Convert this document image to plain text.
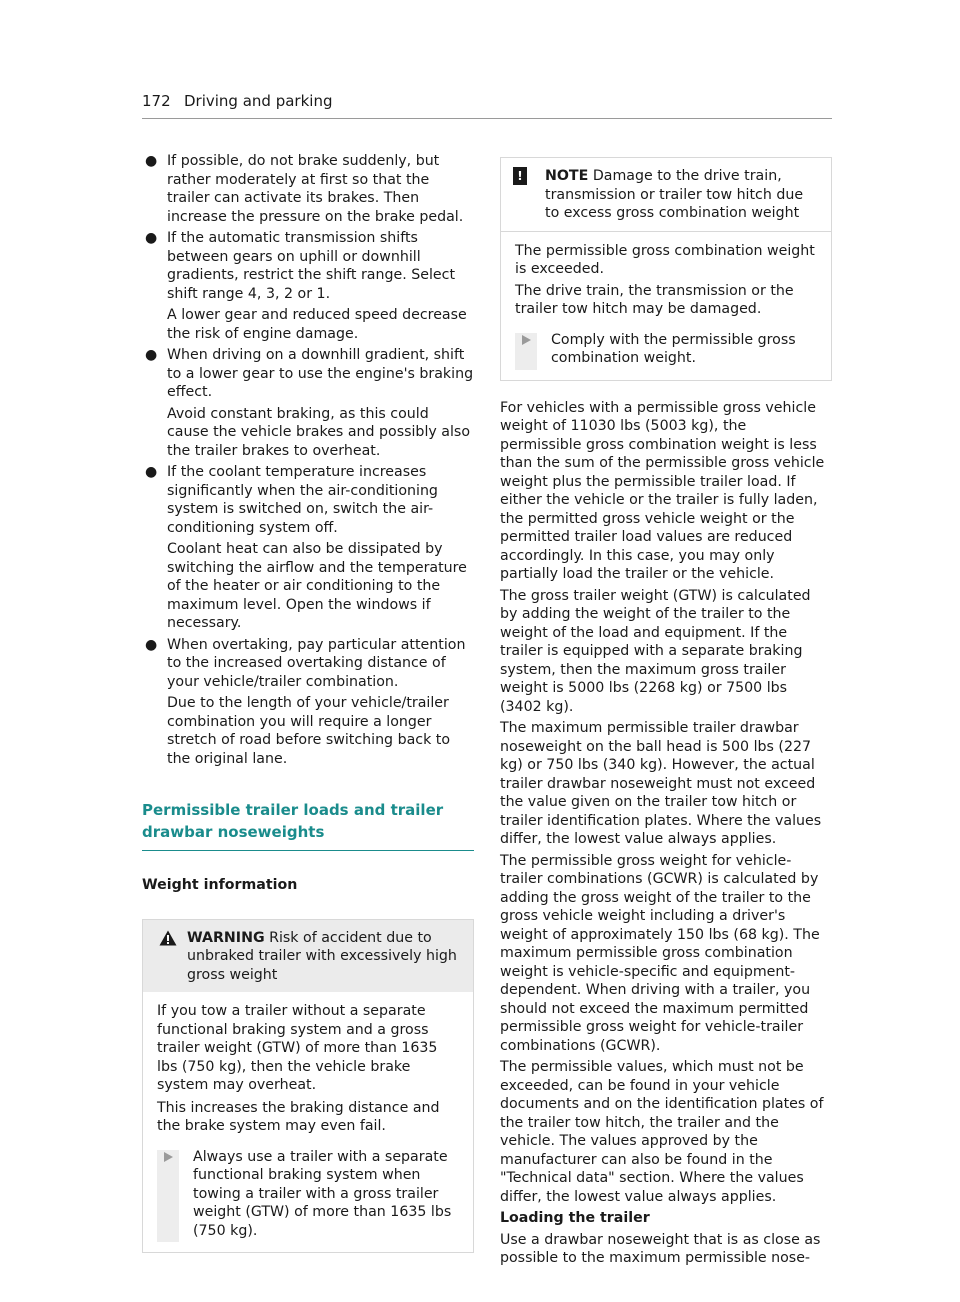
172 Driving and parking
● If possible, do not brake suddenly, but rather moderately at first so that the trailer can activate its brakes. Then increase the pressure on the brake pedal.

● If the automatic transmission shifts between gears on uphill or downhill gradients, restrict the shift range. Select shift range 4, 3, 2 or 1.

A lower gear and reduced speed decrease the risk of engine damage.

● When driving on a downhill gradient, shift to a lower gear to use the engine's braking effect.

Avoid constant braking, as this could cause the vehicle brakes and possibly also the trailer brakes to overheat.

● If the coolant temperature increases significantly when the air-conditioning system is switched on, switch the air-conditioning system off.

Coolant heat can also be dissipated by switching the airflow and the temperature of the heater or air conditioning to the maximum level. Open the windows if necessary.

● When overtaking, pay particular attention to the increased overtaking distance of your vehicle/trailer combination.

Due to the length of your vehicle/trailer combination you will require a longer stretch of road before switching back to the original lane.

Permissible trailer loads and trailer drawbar noseweights
Weight information
WARNING Risk of accident due to unbraked trailer with excessively high gross weight

If you tow a trailer without a separate functional braking system and a gross trailer weight (GTW) of more than 1635 lbs (750 kg), then the vehicle brake system may overheat.

This increases the braking distance and the brake system may even fail.

Always use a trailer with a separate functional braking system when towing a trailer with a gross trailer weight (GTW) of more than 1635 lbs (750 kg).
!	NOTE Damage to the drive train, transmission or trailer tow hitch due to excess gross combination weight

The permissible gross combination weight is exceeded.

The drive train, the transmission or the trailer tow hitch may be damaged.

Comply with the permissible gross combination weight.

For vehicles with a permissible gross vehicle weight of 11030 lbs (5003 kg), the permissible gross combination weight is less than the sum of the permissible gross vehicle weight plus the permissible trailer load. If either the vehicle or the trailer is fully laden, the permitted gross vehicle weight or the permitted trailer load values are reduced accordingly. In this case, you may only partially load the trailer or the vehicle.

The gross trailer weight (GTW) is calculated by adding the weight of the trailer to the weight of the load and equipment. If the trailer is equipped with a separate braking system, then the maximum gross trailer weight is 5000 lbs (2268 kg) or 7500 lbs (3402 kg).

The maximum permissible trailer drawbar noseweight on the ball head is 500 lbs (227 kg) or 750 lbs (340 kg). However, the actual trailer drawbar noseweight must not exceed the value given on the trailer tow hitch or trailer identification plates. Where the values differ, the lowest value always applies.

The permissible gross weight for vehicle-trailer combinations (GCWR) is calculated by adding the gross weight of the trailer to the gross vehicle weight including a driver's weight of approximately 150 lbs (68 kg). The maximum permissible gross combination weight is vehicle-specific and equipment-dependent. When driving with a trailer, you should not exceed the maximum permitted permissible gross weight for vehicle-trailer combinations (GCWR).

The permissible values, which must not be exceeded, can be found in your vehicle documents and on the identification plates of the trailer tow hitch, the trailer and the vehicle. The values approved by the manufacturer can also be found in the "Technical data" section. Where the values differ, the lowest value always applies.

Loading the trailer

Use a drawbar noseweight that is as close as possible to the maximum permissible nose-
